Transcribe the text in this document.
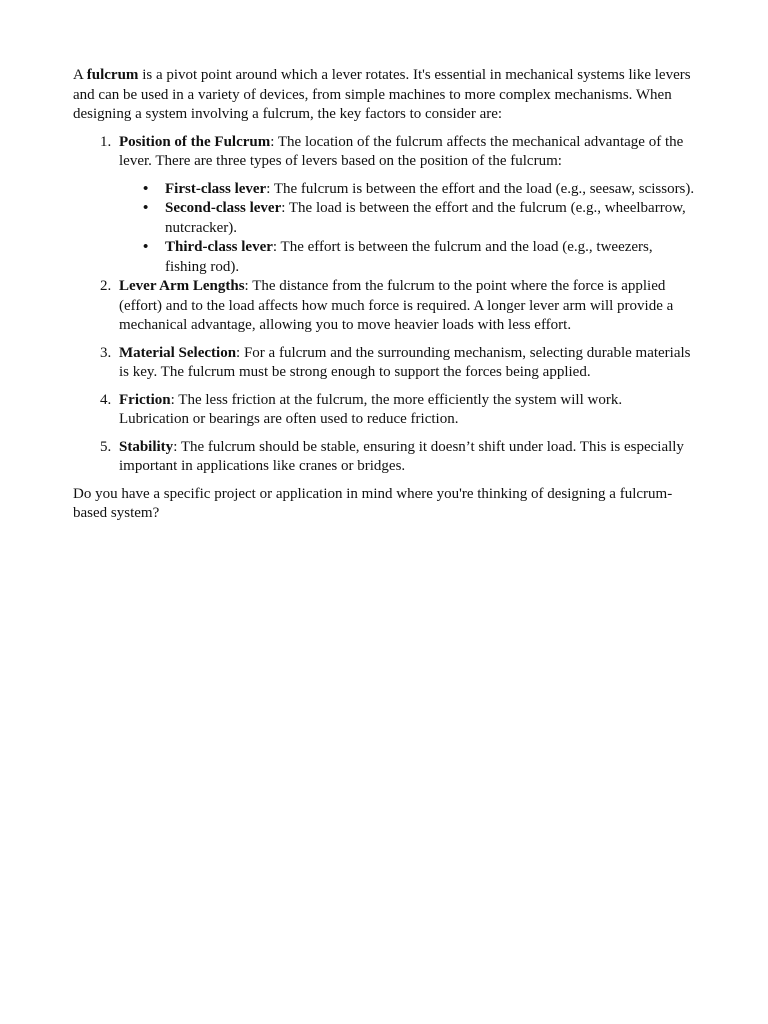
A fulcrum is a pivot point around which a lever rotates. It's essential in mechanical systems like levers and can be used in a variety of devices, from simple machines to more complex mechanisms. When designing a system involving a fulcrum, the key factors to consider are:

1. Position of the Fulcrum: The location of the fulcrum affects the mechanical advantage of the lever. There are three types of levers based on the position of the fulcrum:
• First-class lever: The fulcrum is between the effort and the load (e.g., seesaw, scissors).
• Second-class lever: The load is between the effort and the fulcrum (e.g., wheelbarrow, nutcracker).
• Third-class lever: The effort is between the fulcrum and the load (e.g., tweezers, fishing rod).
2. Lever Arm Lengths: The distance from the fulcrum to the point where the force is applied (effort) and to the load affects how much force is required. A longer lever arm will provide a mechanical advantage, allowing you to move heavier loads with less effort.
3. Material Selection: For a fulcrum and the surrounding mechanism, selecting durable materials is key. The fulcrum must be strong enough to support the forces being applied.
4. Friction: The less friction at the fulcrum, the more efficiently the system will work. Lubrication or bearings are often used to reduce friction.
5. Stability: The fulcrum should be stable, ensuring it doesn’t shift under load. This is especially important in applications like cranes or bridges.

Do you have a specific project or application in mind where you're thinking of designing a fulcrum-based system?
